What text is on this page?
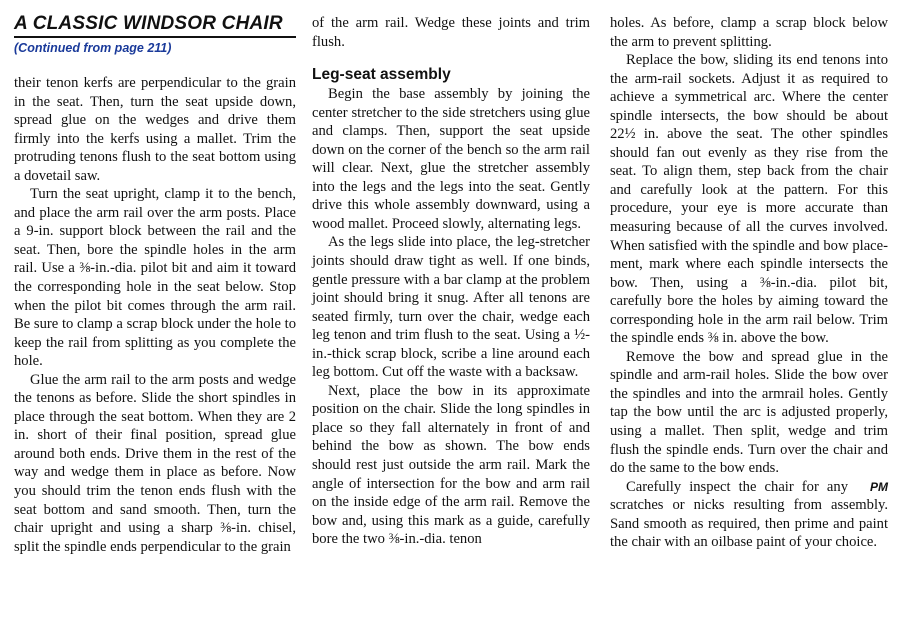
A CLASSIC WINDSOR CHAIR
(Continued from page 211)

their tenon kerfs are perpendicular to the grain in the seat. Then, turn the seat upside down, spread glue on the wedges and drive them firmly into the kerfs using a mallet. Trim the protruding tenons flush to the seat bottom using a dovetail saw.

Turn the seat upright, clamp it to the bench, and place the arm rail over the arm posts. Place a 9-in. support block between the rail and the seat. Then, bore the spindle holes in the arm rail. Use a ⅜-in.-dia. pilot bit and aim it toward the corresponding hole in the seat below. Stop when the pilot bit comes through the arm rail. Be sure to clamp a scrap block under the hole to keep the rail from splitting as you complete the hole.

Glue the arm rail to the arm posts and wedge the tenons as before. Slide the short spindles in place through the seat bottom. When they are 2 in. short of their final position, spread glue around both ends. Drive them in the rest of the way and wedge them in place as before. Now you should trim the tenon ends flush with the seat bottom and sand smooth. Then, turn the chair upright and using a sharp ⅜-in. chisel, split the spindle ends perpendicular to the grain

of the arm rail. Wedge these joints and trim flush.

Leg-seat assembly

Begin the base assembly by joining the center stretcher to the side stretchers using glue and clamps. Then, support the seat upside down on the corner of the bench so the arm rail will clear. Next, glue the stretcher assembly into the legs and the legs into the seat. Gently drive this whole assembly downward, using a wood mallet. Proceed slowly, alternating legs.

As the legs slide into place, the leg-stretcher joints should draw tight as well. If one binds, gentle pressure with a bar clamp at the problem joint should bring it snug. After all tenons are seated firmly, turn over the chair, wedge each leg tenon and trim flush to the seat. Using a ½-in.-thick scrap block, scribe a line around each leg bottom. Cut off the waste with a backsaw.

Next, place the bow in its approximate position on the chair. Slide the long spindles in place so they fall alternately in front of and behind the bow as shown. The bow ends should rest just outside the arm rail. Mark the angle of intersection for the bow and arm rail on the inside edge of the arm rail. Remove the bow and, using this mark as a guide, carefully bore the two ⅜-in.-dia. tenon

holes. As before, clamp a scrap block below the arm to prevent splitting.

Replace the bow, sliding its end tenons into the arm-rail sockets. Adjust it as required to achieve a symmetrical arc. Where the center spindle intersects, the bow should be about 22½ in. above the seat. The other spindles should fan out evenly as they rise from the seat. To align them, step back from the chair and carefully look at the pattern. For this procedure, your eye is more accurate than measuring because of all the curves involved. When satisfied with the spindle and bow placement, mark where each spindle intersects the bow. Then, using a ⅜-in.-dia. pilot bit, carefully bore the holes by aiming toward the corresponding hole in the arm rail below. Trim the spindle ends ⅜ in. above the bow.

Remove the bow and spread glue in the spindle and arm-rail holes. Slide the bow over the spindles and into the armrail holes. Gently tap the bow until the arc is adjusted properly, using a mallet. Then split, wedge and trim flush the spindle ends. Turn over the chair and do the same to the bow ends.

PM
Carefully inspect the chair for any scratches or nicks resulting from assembly. Sand smooth as required, then prime and paint the chair with an oilbase paint of your choice.
